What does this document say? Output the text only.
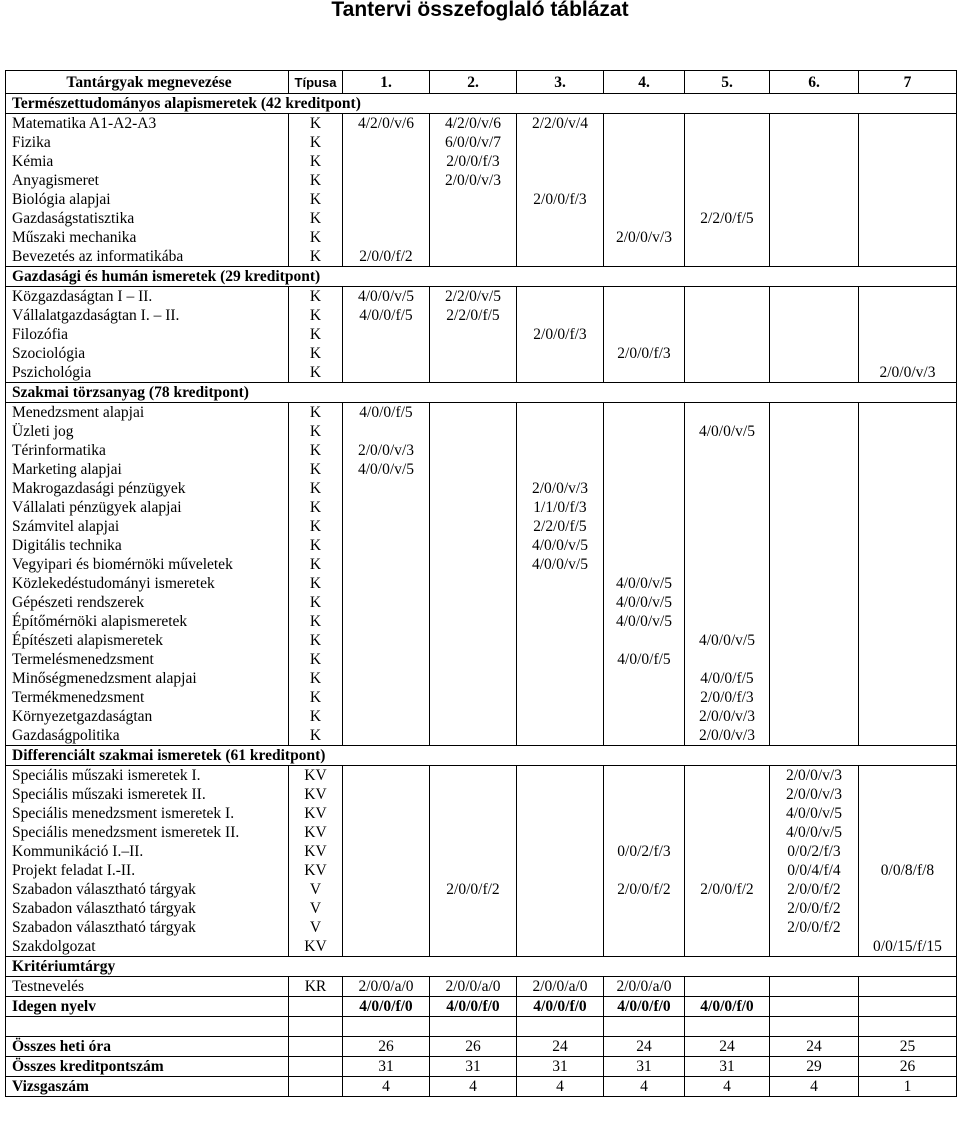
Tantervi összefoglaló táblázat
Tantárgyak megnevezése	Típusa	1.	2.	3.	4.	5.	6.	7
Természettudományos alapismeretek (42 kreditpont)								
Matematika A1-A2-A3	K	4/2/0/v/6	4/2/0/v/6	2/2/0/v/4				
Fizika	K		6/0/0/v/7					
Kémia	K		2/0/0/f/3					
Anyagismeret	K		2/0/0/v/3					
Biológia alapjai	K			2/0/0/f/3				
Gazdaságstatisztika	K					2/2/0/f/5		
Műszaki mechanika	K				2/0/0/v/3			
Bevezetés az informatikába	K	2/0/0/f/2						
Gazdasági és humán ismeretek (29 kreditpont)								
Közgazdaságtan I – II.	K	4/0/0/v/5	2/2/0/v/5					
Vállalatgazdaságtan I. – II.	K	4/0/0/f/5	2/2/0/f/5					
Filozófia	K			2/0/0/f/3				
Szociológia	K				2/0/0/f/3			
Pszichológia	K							2/0/0/v/3
Szakmai törzsanyag (78 kreditpont)								
Menedzsment alapjai	K	4/0/0/f/5						
Üzleti jog	K					4/0/0/v/5		
Térinformatika	K	2/0/0/v/3						
Marketing alapjai	K	4/0/0/v/5						
Makrogazdasági pénzügyek	K			2/0/0/v/3				
Vállalati pénzügyek alapjai	K			1/1/0/f/3				
Számvitel alapjai	K			2/2/0/f/5				
Digitális technika	K			4/0/0/v/5				
Vegyipari és biomérnöki műveletek	K			4/0/0/v/5				
Közlekedéstudományi ismeretek	K				4/0/0/v/5			
Gépészeti rendszerek	K				4/0/0/v/5			
Építőmérnöki alapismeretek	K				4/0/0/v/5			
Építészeti alapismeretek	K					4/0/0/v/5		
Termelésmenedzsment	K				4/0/0/f/5			
Minőségmenedzsment alapjai	K					4/0/0/f/5		
Termékmenedzsment	K					2/0/0/f/3		
Környezetgazdaságtan	K					2/0/0/v/3		
Gazdaságpolitika	K					2/0/0/v/3		
Differenciált szakmai ismeretek (61 kreditpont)								
Speciális műszaki ismeretek I.	KV						2/0/0/v/3	
Speciális műszaki ismeretek II.	KV						2/0/0/v/3	
Speciális menedzsment ismeretek I.	KV						4/0/0/v/5	
Speciális menedzsment ismeretek II.	KV						4/0/0/v/5	
Kommunikáció I.–II.	KV				0/0/2/f/3		0/0/2/f/3	
Projekt feladat I.-II.	KV						0/0/4/f/4	0/0/8/f/8
Szabadon választható tárgyak	V		2/0/0/f/2		2/0/0/f/2	2/0/0/f/2	2/0/0/f/2	
Szabadon választható tárgyak	V						2/0/0/f/2	
Szabadon választható tárgyak	V						2/0/0/f/2	
Szakdolgozat	KV							0/0/15/f/15
Kritériumtárgy								
Testnevelés	KR	2/0/0/a/0	2/0/0/a/0	2/0/0/a/0	2/0/0/a/0			
Idegen nyelv		4/0/0/f/0	4/0/0/f/0	4/0/0/f/0	4/0/0/f/0	4/0/0/f/0		

Összes heti óra		26	26	24	24	24	24	25
Összes kreditpontszám		31	31	31	31	31	29	26
Vizsgaszám		4	4	4	4	4	4	1
